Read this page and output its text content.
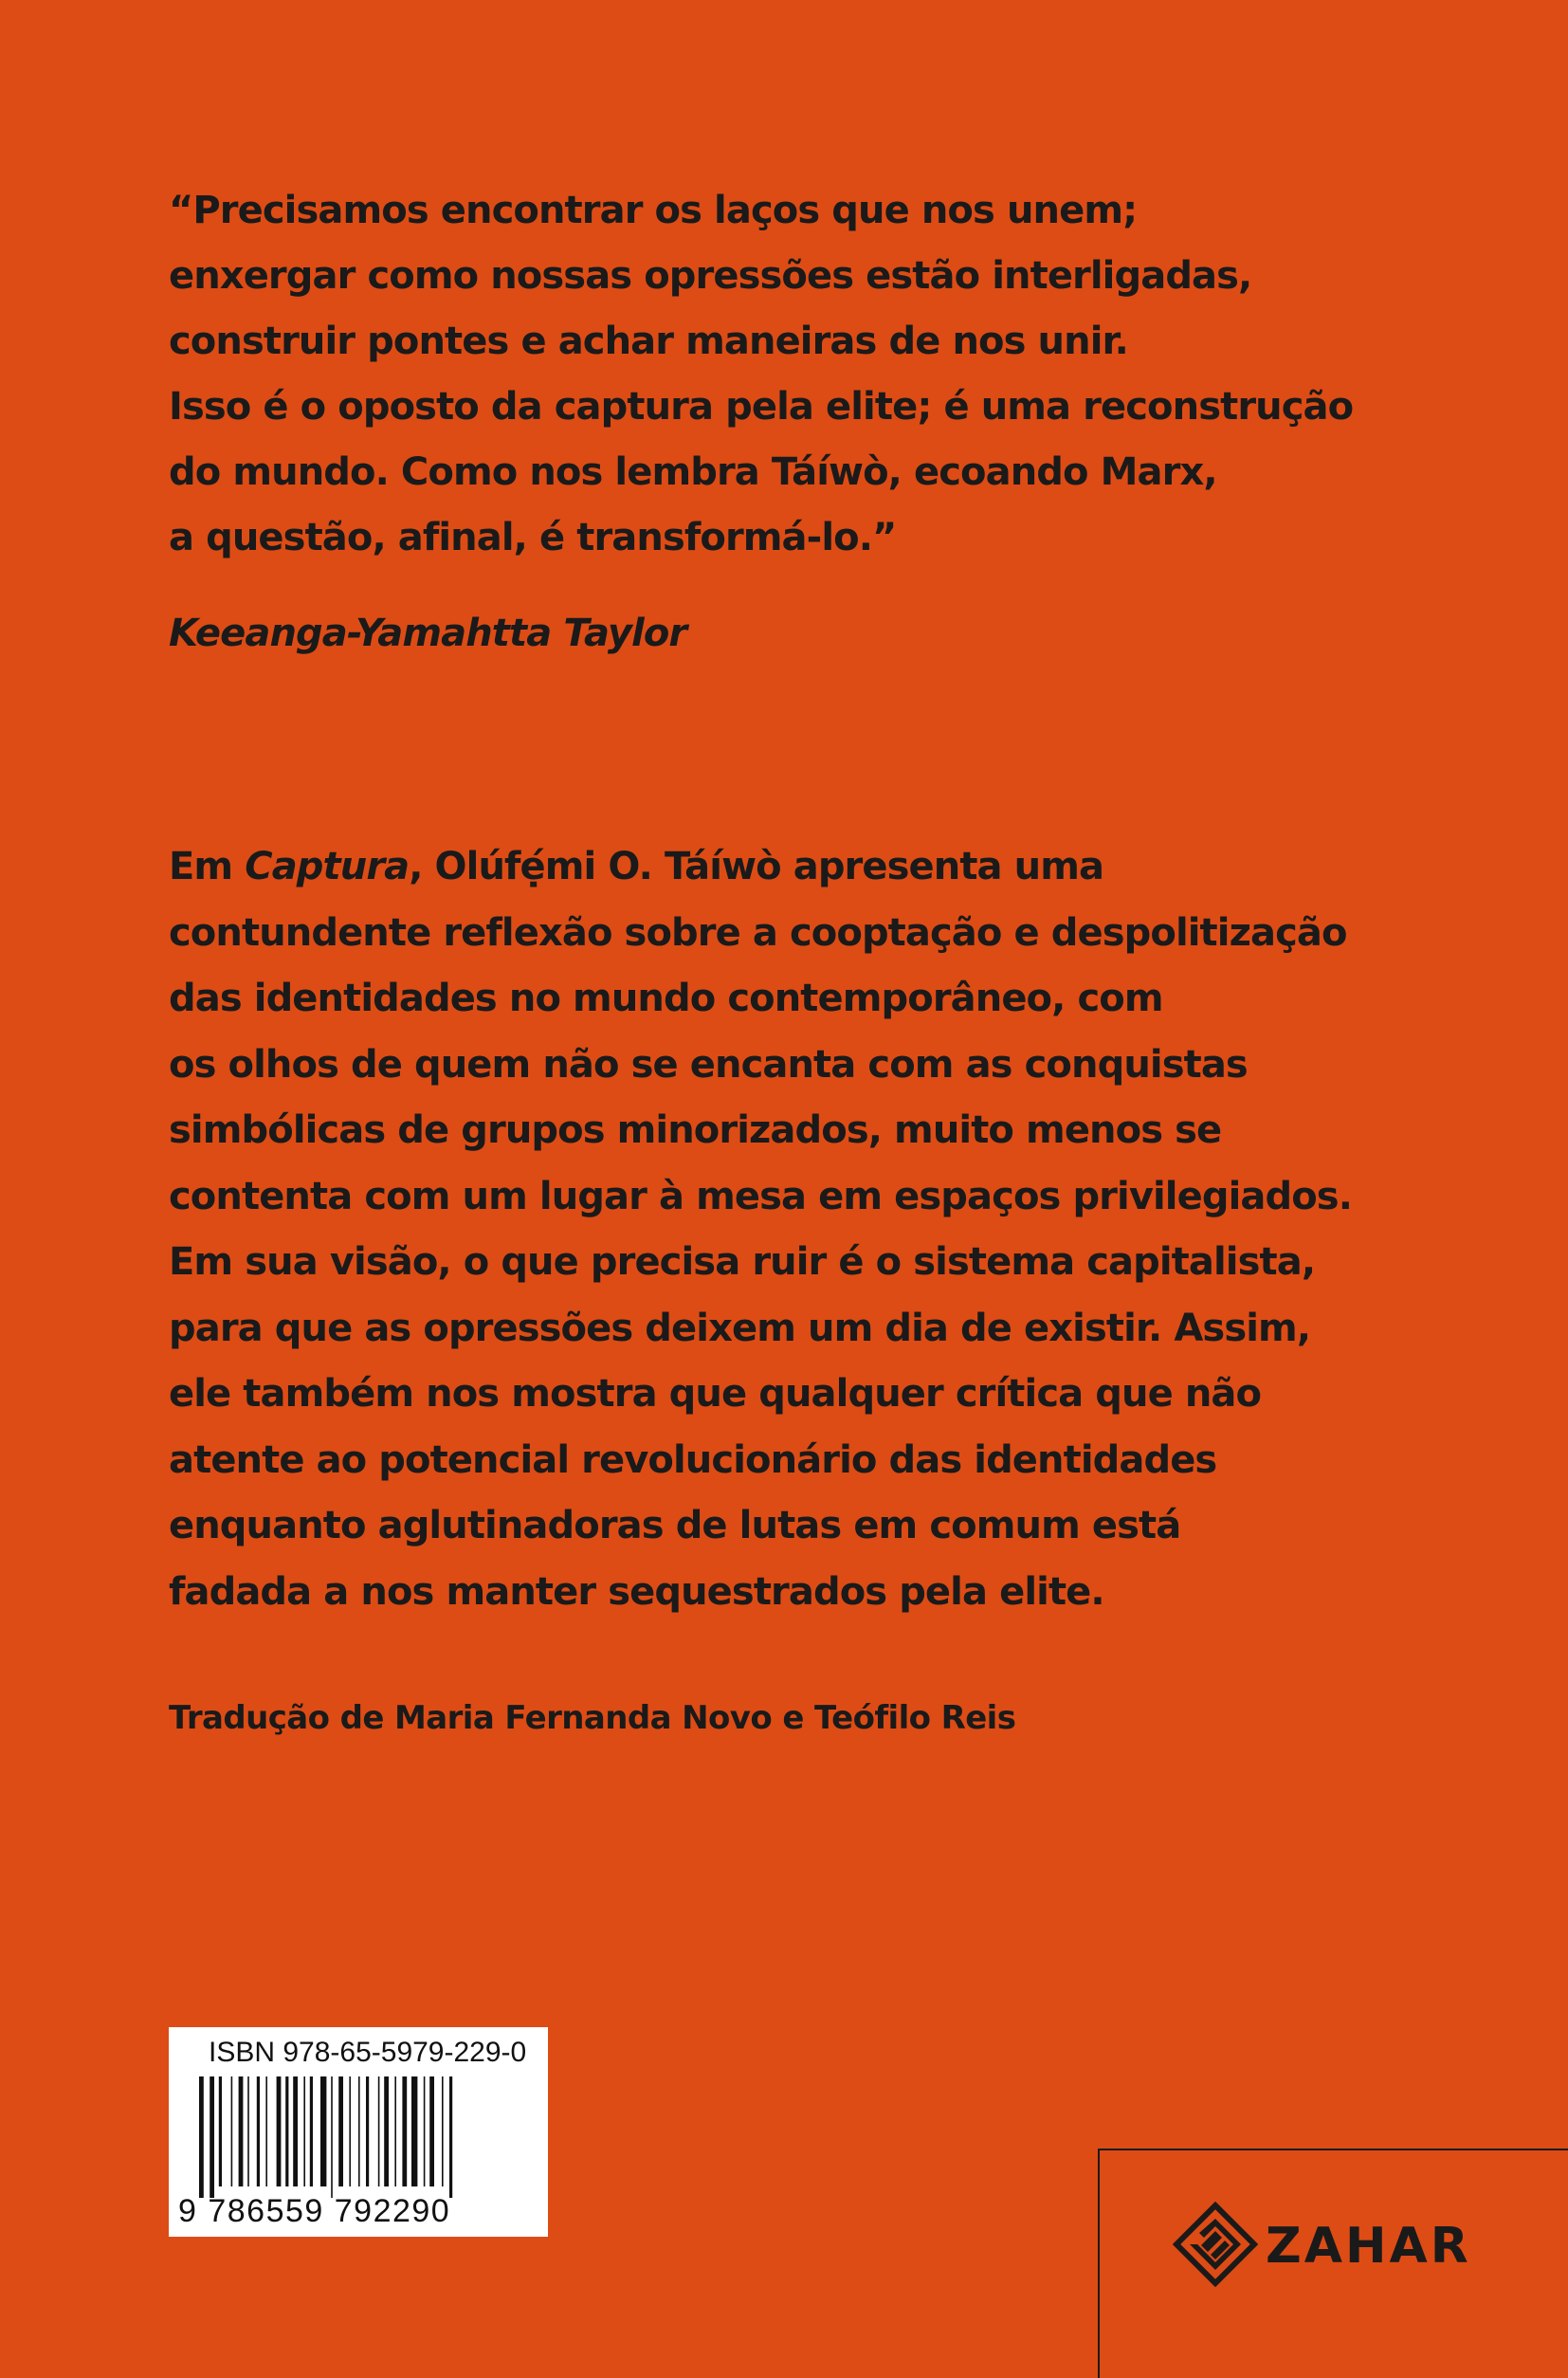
“Precisamos encontrar os laços que nos unem;
enxergar como nossas opressões estão interligadas,
construir pontes e achar maneiras de nos unir.
Isso é o oposto da captura pela elite; é uma reconstrução
do mundo. Como nos lembra Táíwò, ecoando Marx,
a questão, afinal, é transformá-lo.”

Keeanga-Yamahtta Taylor

Em Captura, Olúfẹ́mi O. Táíwò apresenta uma
contundente reflexão sobre a cooptação e despolitização
das identidades no mundo contemporâneo, com
os olhos de quem não se encanta com as conquistas
simbólicas de grupos minorizados, muito menos se
contenta com um lugar à mesa em espaços privilegiados.
Em sua visão, o que precisa ruir é o sistema capitalista,
para que as opressões deixem um dia de existir. Assim,
ele também nos mostra que qualquer crítica que não
atente ao potencial revolucionário das identidades
enquanto aglutinadoras de lutas em comum está
fadada a nos manter sequestrados pela elite.

Tradução de Maria Fernanda Novo e Teófilo Reis

ISBN 978-65-5979-229-0
9 786559 792290
ZAHAR
